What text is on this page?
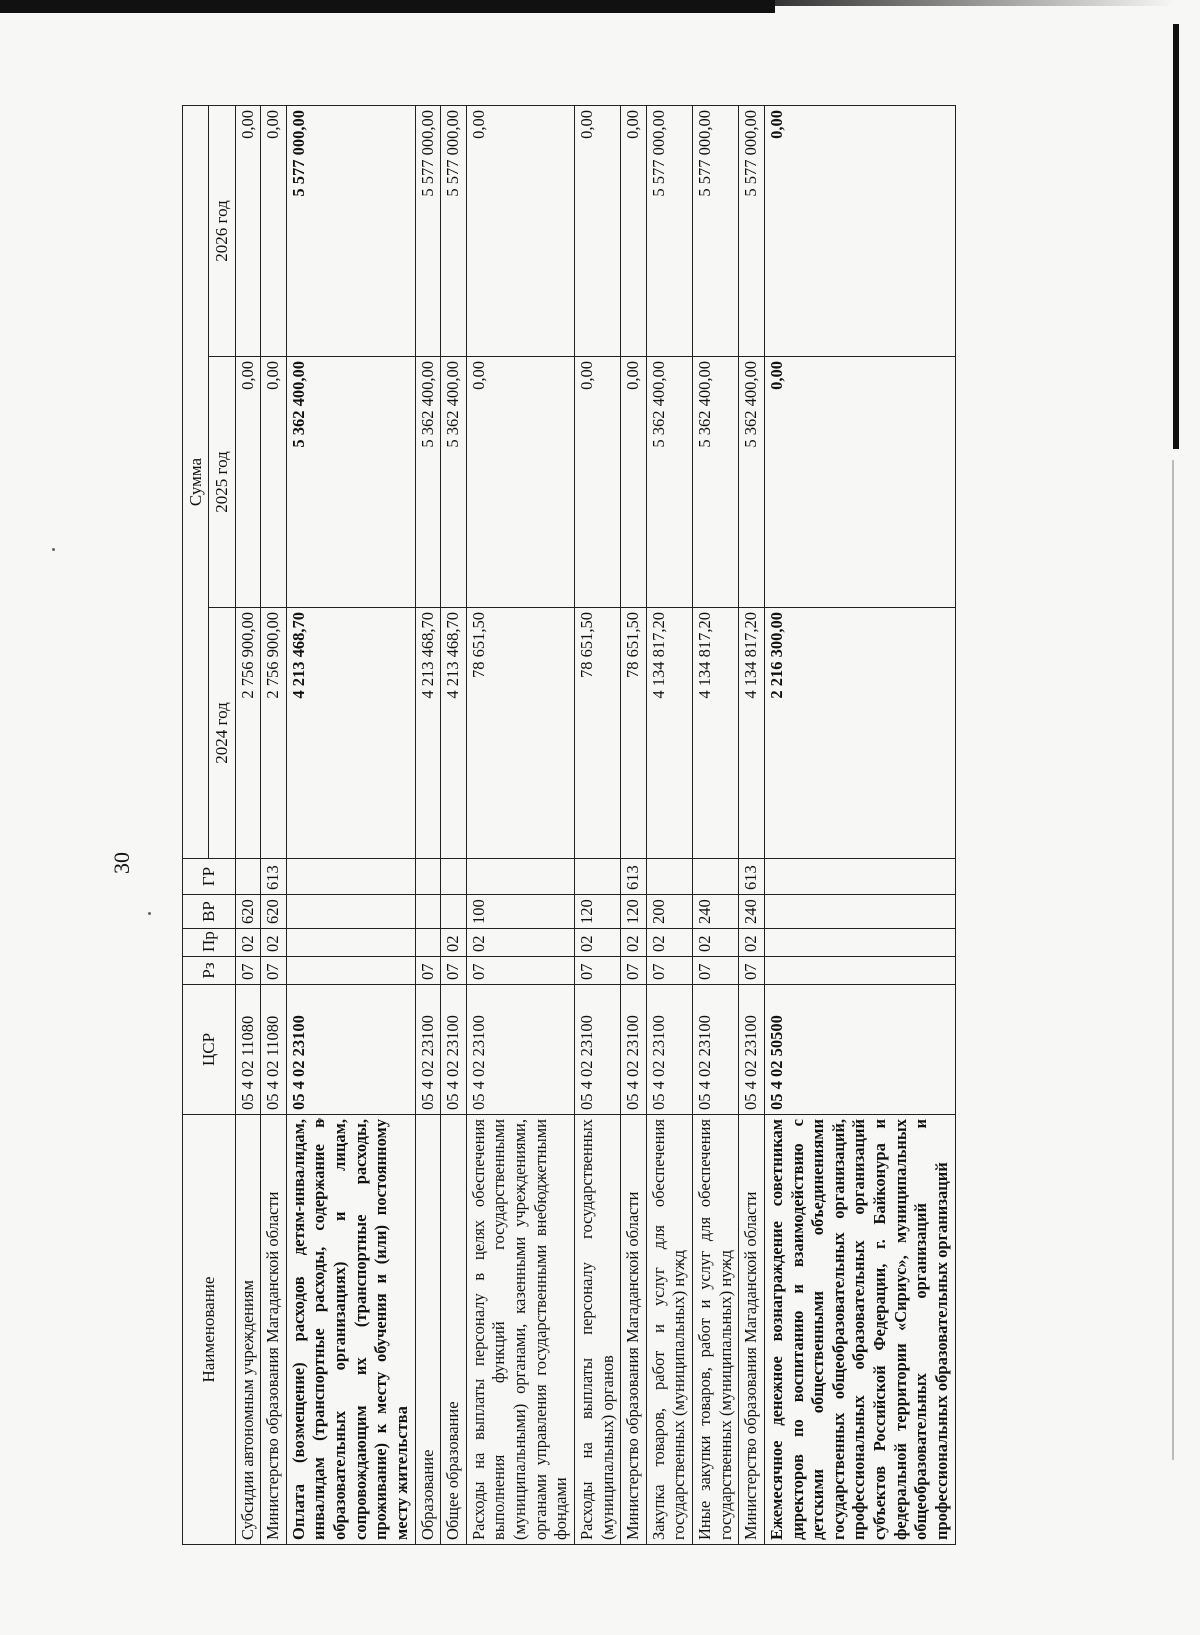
30
Наименование	ЦСР	Рз	Пр	ВР	ГР	Сумма		
						2024 год	2025 год	2026 год
Субсидии автономным учреждениям	05 4 02 11080	07	02	620		2 756 900,00	0,00	0,00
Министерство образования Магаданской области	05 4 02 11080	07	02	620	613	2 756 900,00	0,00	0,00
Оплата (возмещение) расходов детям-инвалидам, инвалидам (транспортные расходы, содержание в образовательных организациях) и лицам, сопровождающим их (транспортные расходы, проживание) к месту обучения и (или) постоянному месту жительства	05 4 02 23100					4 213 468,70	5 362 400,00	5 577 000,00
Образование	05 4 02 23100	07				4 213 468,70	5 362 400,00	5 577 000,00
Общее образование	05 4 02 23100	07	02			4 213 468,70	5 362 400,00	5 577 000,00
Расходы на выплаты персоналу в целях обеспечения выполнения функций государственными (муниципальными) органами, казенными учреждениями, органами управления государственными внебюджетными фондами	05 4 02 23100	07	02	100		78 651,50	0,00	0,00
Расходы на выплаты персоналу государственных (муниципальных) органов	05 4 02 23100	07	02	120		78 651,50	0,00	0,00
Министерство образования Магаданской области	05 4 02 23100	07	02	120	613	78 651,50	0,00	0,00
Закупка товаров, работ и услуг для обеспечения государственных (муниципальных) нужд	05 4 02 23100	07	02	200		4 134 817,20	5 362 400,00	5 577 000,00
Иные закупки товаров, работ и услуг для обеспечения государственных (муниципальных) нужд	05 4 02 23100	07	02	240		4 134 817,20	5 362 400,00	5 577 000,00
Министерство образования Магаданской области	05 4 02 23100	07	02	240	613	4 134 817,20	5 362 400,00	5 577 000,00
Ежемесячное денежное вознаграждение советникам директоров по воспитанию и взаимодействию с детскими общественными объединениями государственных общеобразовательных организаций, профессиональных образовательных организаций субъектов Российской Федерации, г. Байконура и федеральной территории «Сириус», муниципальных общеобразовательных организаций и профессиональных образовательных организаций	05 4 02 50500					2 216 300,00	0,00	0,00
